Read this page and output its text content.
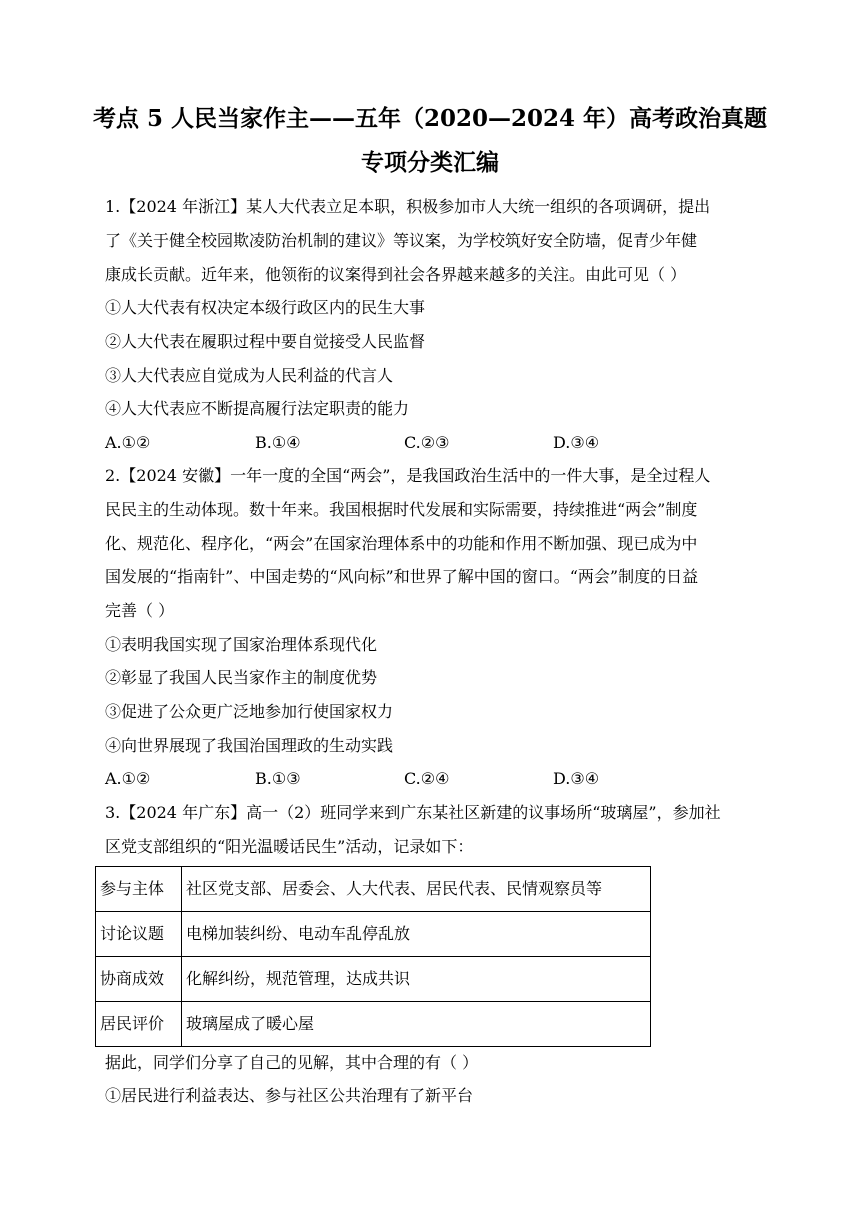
考点 5 人民当家作主——五年（2020—2024 年）高考政治真题
专项分类汇编
1.【2024 年浙江】某人大代表立足本职，积极参加市人大统一组织的各项调研，提出
了《关于健全校园欺凌防治机制的建议》等议案，为学校筑好安全防墙，促青少年健
康成长贡献。近年来，他领衔的议案得到社会各界越来越多的关注。由此可见（ ）
①人大代表有权决定本级行政区内的民生大事
②人大代表在履职过程中要自觉接受人民监督
③人大代表应自觉成为人民利益的代言人
④人大代表应不断提高履行法定职责的能力
A.①②	B.①④	C.②③	D.③④
2.【2024 安徽】一年一度的全国“两会”，是我国政治生活中的一件大事，是全过程人
民民主的生动体现。数十年来。我国根据时代发展和实际需要，持续推进“两会”制度
化、规范化、程序化，“两会”在国家治理体系中的功能和作用不断加强、现已成为中
国发展的“指南针”、中国走势的“风向标”和世界了解中国的窗口。“两会”制度的日益
完善（ ）
①表明我国实现了国家治理体系现代化
②彰显了我国人民当家作主的制度优势
③促进了公众更广泛地参加行使国家权力
④向世界展现了我国治国理政的生动实践
A.①②	B.①③	C.②④	D.③④
3.【2024 年广东】高一（2）班同学来到广东某社区新建的议事场所“玻璃屋”，参加社
区党支部组织的“阳光温暖话民生”活动，记录如下：
参与主体	社区党支部、居委会、人大代表、居民代表、民情观察员等
讨论议题	电梯加装纠纷、电动车乱停乱放
协商成效	化解纠纷，规范管理，达成共识
居民评价	玻璃屋成了暖心屋
据此，同学们分享了自己的见解，其中合理的有（ ）
①居民进行利益表达、参与社区公共治理有了新平台
